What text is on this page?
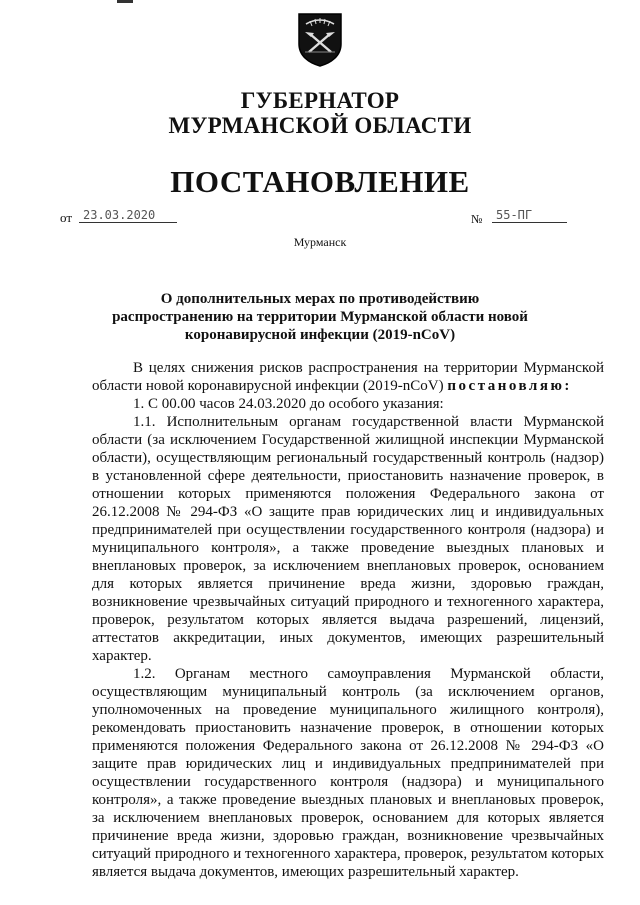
ГУБЕРНАТОР
МУРМАНСКОЙ ОБЛАСТИ
ПОСТАНОВЛЕНИЕ
от 23.03.2020	№	55-ПГ
Мурманск
О дополнительных мерах по противодействию распространению на территории Мурманской области новой коронавирусной инфекции (2019-nCoV)

В целях снижения рисков распространения на территории Мурманской области новой коронавирусной инфекции (2019-nCoV) постановляю:

1. С 00.00 часов 24.03.2020 до особого указания:

1.1. Исполнительным органам государственной власти Мурманской области (за исключением Государственной жилищной инспекции Мурманской области), осуществляющим региональный государственный контроль (надзор) в установленной сфере деятельности, приостановить назначение проверок, в отношении которых применяются положения Федерального закона от 26.12.2008 № 294-ФЗ «О защите прав юридических лиц и индивидуальных предпринимателей при осуществлении государственного контроля (надзора) и муниципального контроля», а также проведение выездных плановых и внеплановых проверок, за исключением внеплановых проверок, основанием для которых является причинение вреда жизни, здоровью граждан, возникновение чрезвычайных ситуаций природного и техногенного характера, проверок, результатом которых является выдача разрешений, лицензий, аттестатов аккредитации, иных документов, имеющих разрешительный характер.

1.2. Органам местного самоуправления Мурманской области, осуществляющим муниципальный контроль (за исключением органов, уполномоченных на проведение муниципального жилищного контроля), рекомендовать приостановить назначение проверок, в отношении которых применяются положения Федерального закона от 26.12.2008 № 294-ФЗ «О защите прав юридических лиц и индивидуальных предпринимателей при осуществлении государственного контроля (надзора) и муниципального контроля», а также проведение выездных плановых и внеплановых проверок, за исключением внеплановых проверок, основанием для которых является причинение вреда жизни, здоровью граждан, возникновение чрезвычайных ситуаций природного и техногенного характера, проверок, результатом которых является выдача документов, имеющих разрешительный характер.
